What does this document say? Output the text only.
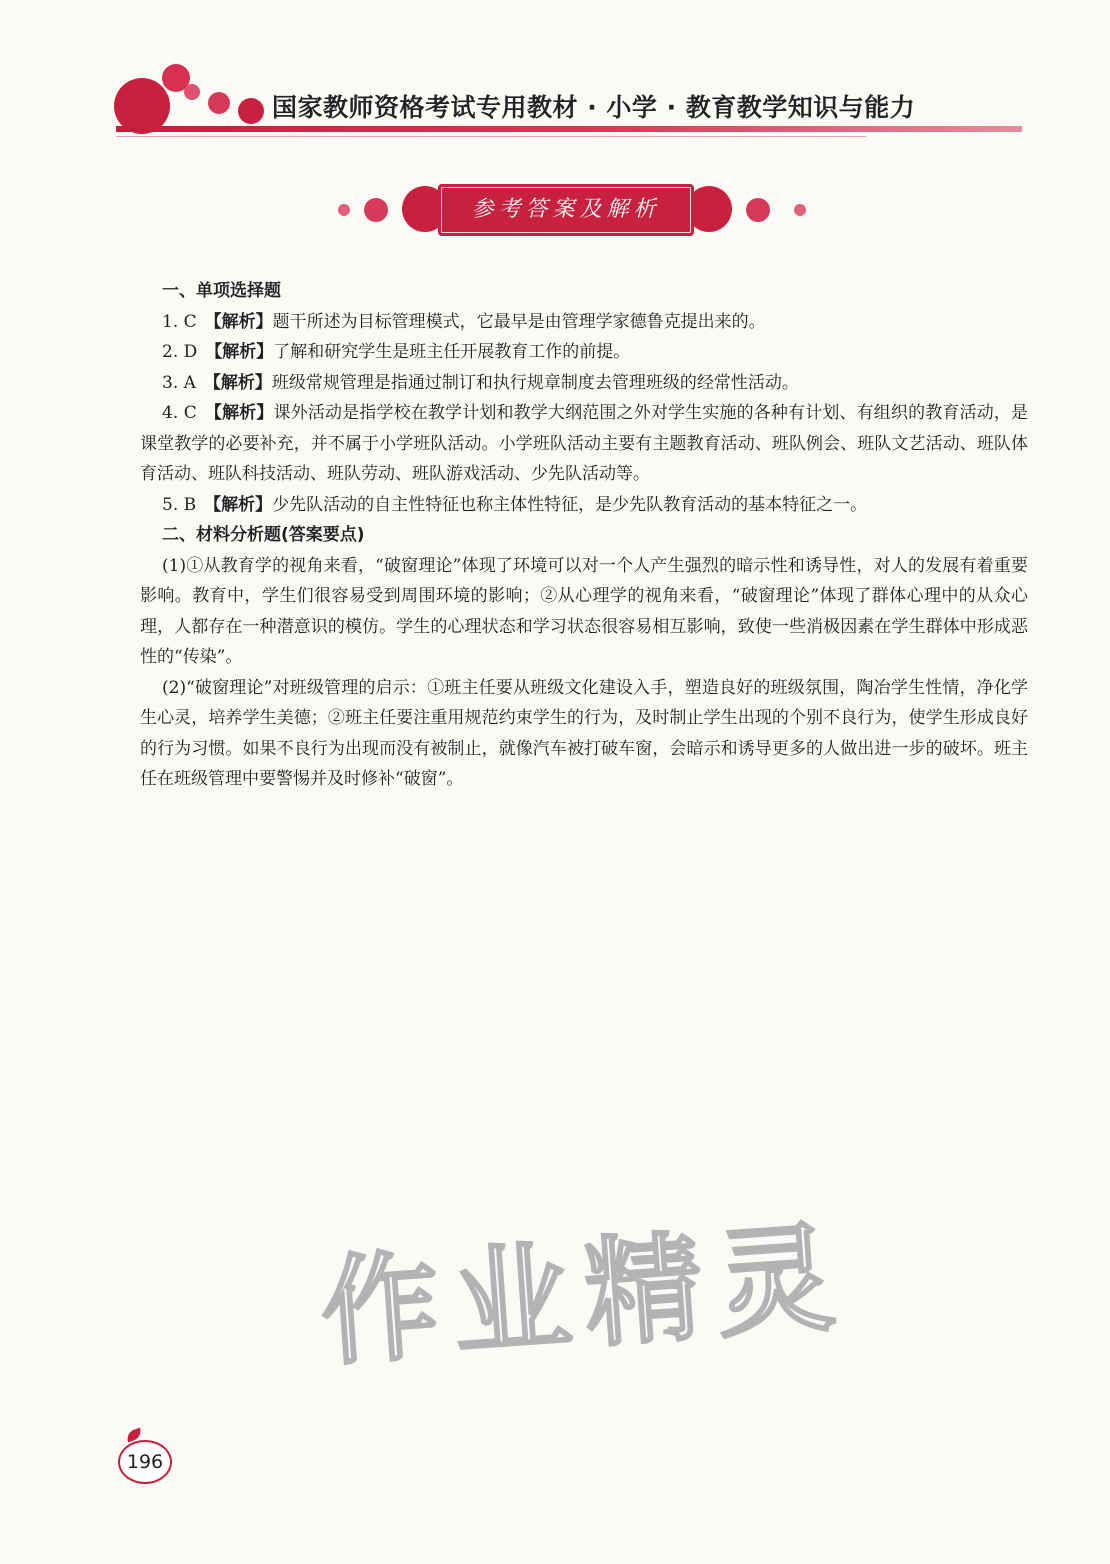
国家教师资格考试专用教材 · 小学 · 教育教学知识与能力
参考答案及解析
一、单项选择题

1. C 【解析】题干所述为目标管理模式，它最早是由管理学家德鲁克提出来的。

2. D 【解析】了解和研究学生是班主任开展教育工作的前提。

3. A 【解析】班级常规管理是指通过制订和执行规章制度去管理班级的经常性活动。

4. C 【解析】课外活动是指学校在教学计划和教学大纲范围之外对学生实施的各种有计划、有组织的教育活动，是课堂教学的必要补充，并不属于小学班队活动。小学班队活动主要有主题教育活动、班队例会、班队文艺活动、班队体育活动、班队科技活动、班队劳动、班队游戏活动、少先队活动等。

5. B 【解析】少先队活动的自主性特征也称主体性特征，是少先队教育活动的基本特征之一。

二、材料分析题(答案要点)

(1)①从教育学的视角来看，“破窗理论”体现了环境可以对一个人产生强烈的暗示性和诱导性，对人的发展有着重要影响。教育中，学生们很容易受到周围环境的影响；②从心理学的视角来看，“破窗理论”体现了群体心理中的从众心理，人都存在一种潜意识的模仿。学生的心理状态和学习状态很容易相互影响，致使一些消极因素在学生群体中形成恶性的“传染”。

(2)“破窗理论”对班级管理的启示：①班主任要从班级文化建设入手，塑造良好的班级氛围，陶冶学生性情，净化学生心灵，培养学生美德；②班主任要注重用规范约束学生的行为，及时制止学生出现的个别不良行为，使学生形成良好的行为习惯。如果不良行为出现而没有被制止，就像汽车被打破车窗，会暗示和诱导更多的人做出进一步的破坏。班主任在班级管理中要警惕并及时修补“破窗”。

作业精灵
196
